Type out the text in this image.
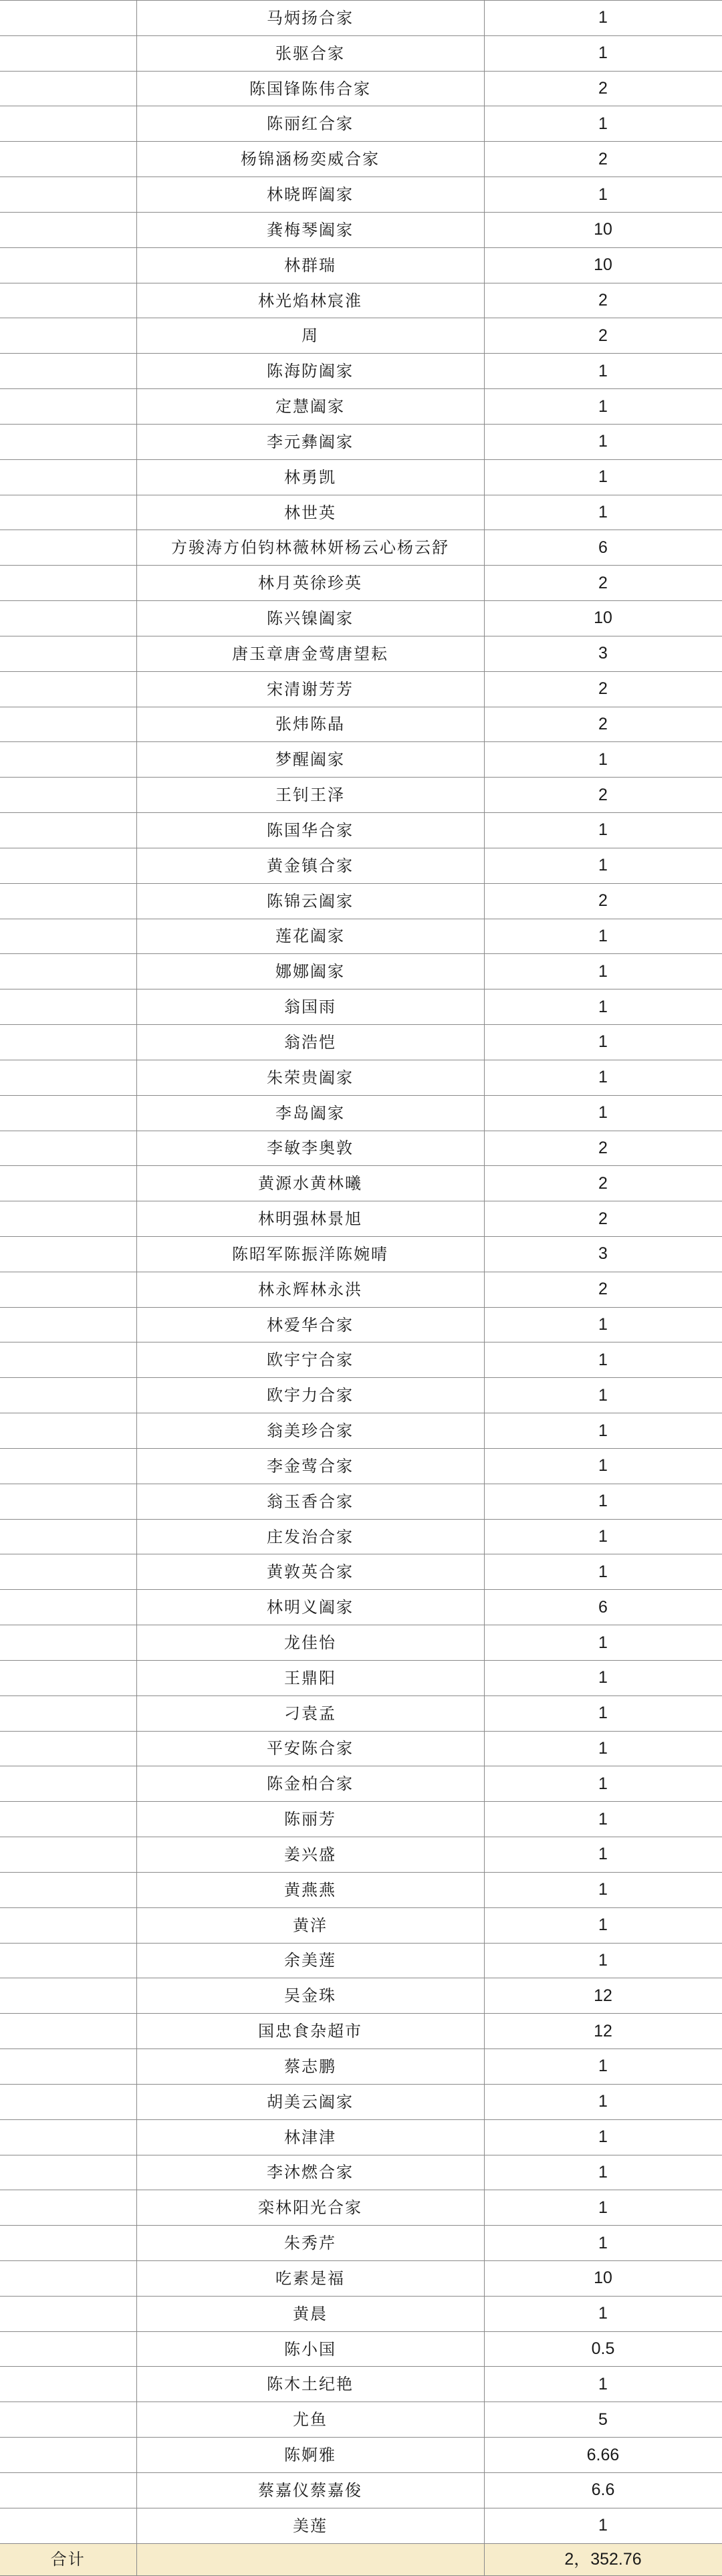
	马炳扬合家	1
	张驱合家	1
	陈国锋陈伟合家	2
	陈丽红合家	1
	杨锦涵杨奕威合家	2
	林晓晖阖家	1
	龚梅琴阖家	10
	林群瑞	10
	林光焰林宸淮	2
	周	2
	陈海防阖家	1
	定慧阖家	1
	李元彝阖家	1
	林勇凯	1
	林世英	1
	方骏涛方伯钧林薇林妍杨云心杨云舒	6
	林月英徐珍英	2
	陈兴镍阖家	10
	唐玉章唐金莺唐望耘	3
	宋清谢芳芳	2
	张炜陈晶	2
	梦醒阖家	1
	王钊王泽	2
	陈国华合家	1
	黄金镇合家	1
	陈锦云阖家	2
	莲花阖家	1
	娜娜阖家	1
	翁国雨	1
	翁浩恺	1
	朱荣贵阖家	1
	李岛阖家	1
	李敏李奥敦	2
	黄源水黄林曦	2
	林明强林景旭	2
	陈昭军陈振洋陈婉晴	3
	林永辉林永洪	2
	林爱华合家	1
	欧宇宁合家	1
	欧宇力合家	1
	翁美珍合家	1
	李金莺合家	1
	翁玉香合家	1
	庄发治合家	1
	黄敦英合家	1
	林明义阖家	6
	龙佳怡	1
	王鼎阳	1
	刁袁孟	1
	平安陈合家	1
	陈金柏合家	1
	陈丽芳	1
	姜兴盛	1
	黄燕燕	1
	黄洋	1
	余美莲	1
	吴金珠	12
	国忠食杂超市	12
	蔡志鹏	1
	胡美云阖家	1
	林津津	1
	李沐燃合家	1
	栾林阳光合家	1
	朱秀芹	1
	吃素是福	10
	黄晨	1
	陈小国	0.5
	陈木土纪艳	1
	尤鱼	5
	陈婀雅	6.66
	蔡嘉仪蔡嘉俊	6.6
	美莲	1
合计		2，352.76
